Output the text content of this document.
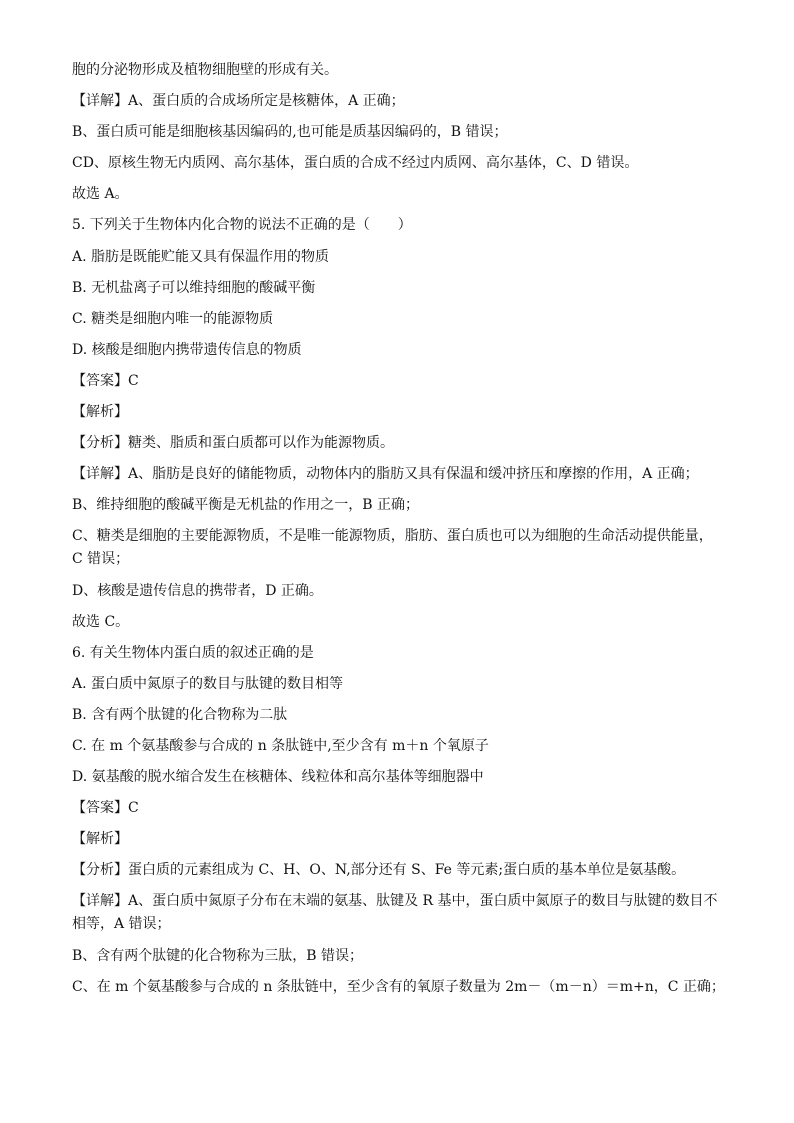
胞的分泌物形成及植物细胞壁的形成有关。
【详解】A、蛋白质的合成场所定是核糖体，A 正确；
B、蛋白质可能是细胞核基因编码的,也可能是质基因编码的，B 错误；
CD、原核生物无内质网、高尔基体，蛋白质的合成不经过内质网、高尔基体，C、D 错误。
故选 A。
5. 下列关于生物体内化合物的说法不正确的是（　　）
A. 脂肪是既能贮能又具有保温作用的物质
B. 无机盐离子可以维持细胞的酸碱平衡
C. 糖类是细胞内唯一的能源物质
D. 核酸是细胞内携带遗传信息的物质
【答案】C
【解析】
【分析】糖类、脂质和蛋白质都可以作为能源物质。
【详解】A、脂肪是良好的储能物质，动物体内的脂肪又具有保温和缓冲挤压和摩擦的作用，A 正确；
B、维持细胞的酸碱平衡是无机盐的作用之一，B 正确；
C、糖类是细胞的主要能源物质，不是唯一能源物质，脂肪、蛋白质也可以为细胞的生命活动提供能量，
C 错误；
D、核酸是遗传信息的携带者，D 正确。
故选 C。
6. 有关生物体内蛋白质的叙述正确的是
A. 蛋白质中氮原子的数目与肽键的数目相等
B. 含有两个肽键的化合物称为二肽
C. 在 m 个氨基酸参与合成的 n 条肽链中,至少含有 m＋n 个氧原子
D. 氨基酸的脱水缩合发生在核糖体、线粒体和高尔基体等细胞器中
【答案】C
【解析】
【分析】蛋白质的元素组成为 C、H、O、N,部分还有 S、Fe 等元素;蛋白质的基本单位是氨基酸。
【详解】A、蛋白质中氮原子分布在末端的氨基、肽键及 R 基中，蛋白质中氮原子的数目与肽键的数目不
相等，A 错误；
B、含有两个肽键的化合物称为三肽，B 错误；
C、在 m 个氨基酸参与合成的 n 条肽链中，至少含有的氧原子数量为 2m－（m－n）＝m+n，C 正确；
